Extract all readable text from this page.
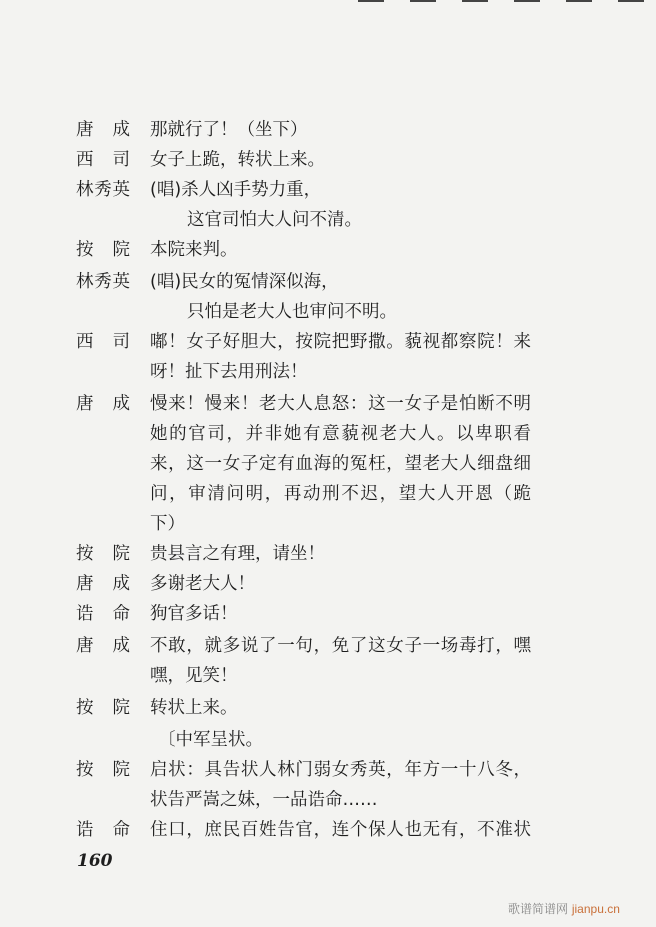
唐 成 那就行了！（坐下）
西 司 女子上跪，转状上来。
林 秀 英 (唱)杀人凶手势力重，
这官司怕大人问不清。
按 院 本院来判。
林 秀 英 (唱)民女的冤情深似海，
只怕是老大人也审问不明。
西 司 嘟！女子好胆大，按院把野撒。藐视都察院！来
呀！扯下去用刑法！
唐 成 慢来！慢来！老大人息怒：这一女子是怕断不明
她的官司，并非她有意藐视老大人。以卑职看
来，这一女子定有血海的冤枉，望老大人细盘细
问，审清问明，再动刑不迟，望大人开恩（跪
下）
按 院 贵县言之有理，请坐！
唐 成 多谢老大人！
诰 命 狗官多话！
唐 成 不敢，就多说了一句，免了这女子一场毒打，嘿
嘿，见笑！
按 院 转状上来。
〔中军呈状。
按 院 启状：具告状人林门弱女秀英，年方一十八冬，
状告严嵩之妹，一品诰命……
诰 命 住口，庶民百姓告官，连个保人也无有，不准状
160
歌谱简谱网 jianpu.cn
